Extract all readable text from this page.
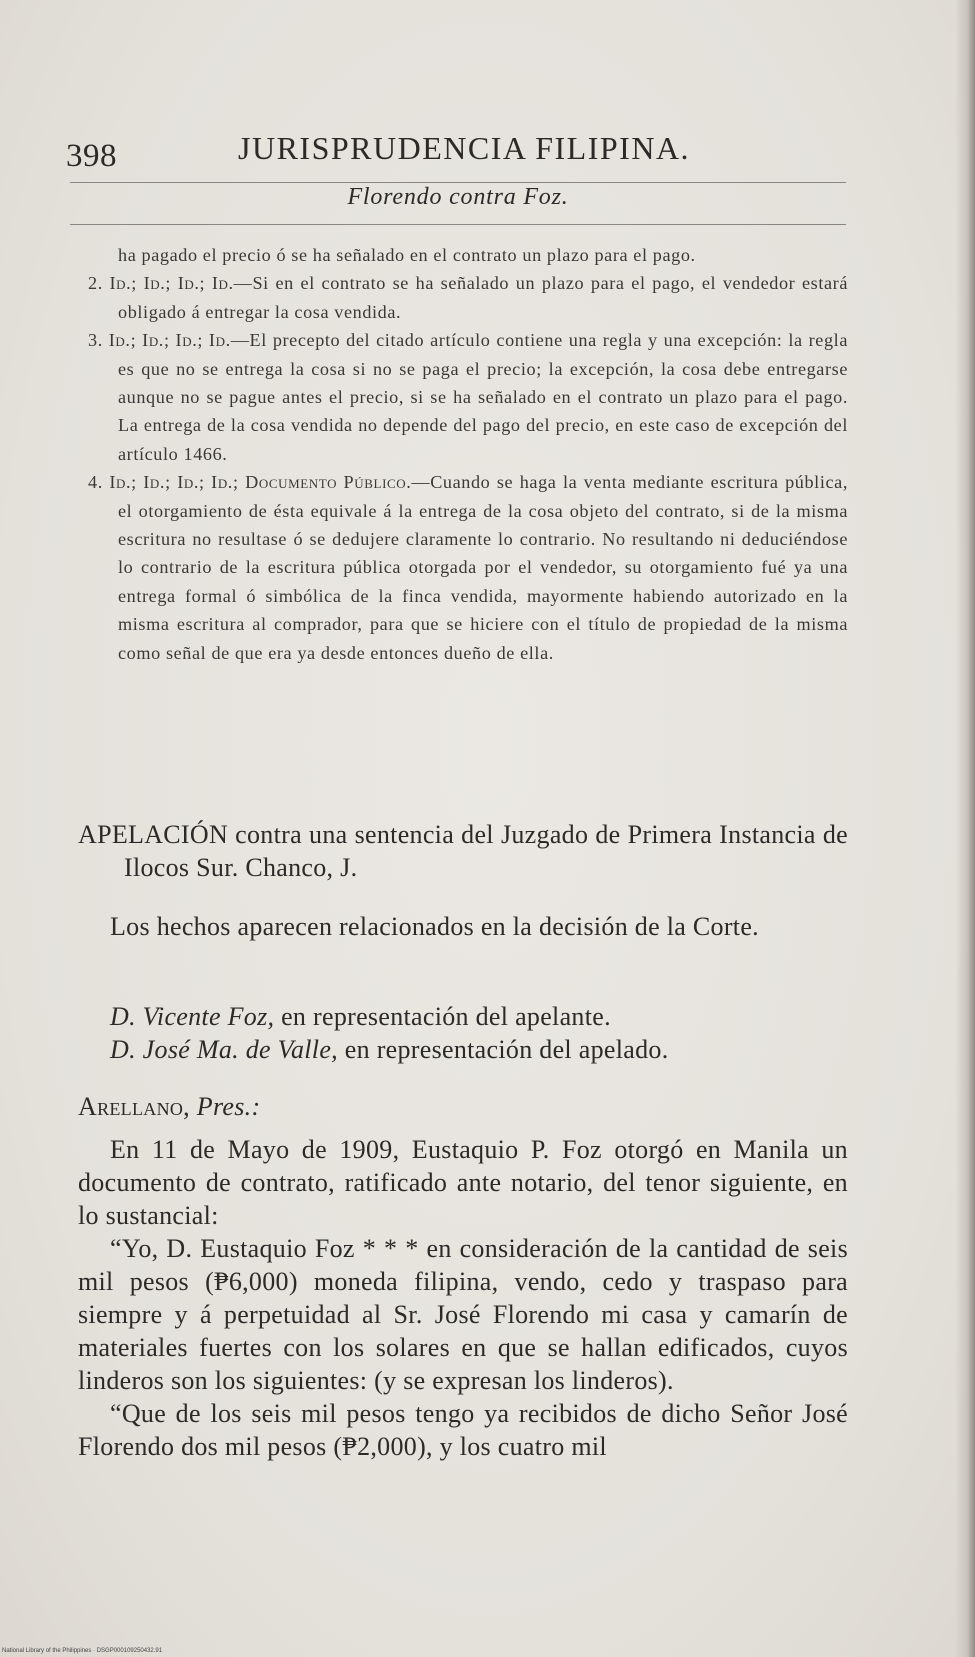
398	JURISPRUDENCIA FILIPINA.
Florendo contra Foz.

ha pagado el precio ó se ha señalado en el contrato un plazo para el pago.

2. Id.; Id.; Id.; Id.—Si en el contrato se ha señalado un plazo para el pago, el vendedor estará obligado á entregar la cosa vendida.

3. Id.; Id.; Id.; Id.—El precepto del citado artículo contiene una regla y una excepción: la regla es que no se entrega la cosa si no se paga el precio; la excepción, la cosa debe entregarse aunque no se pague antes el precio, si se ha señalado en el contrato un plazo para el pago. La entrega de la cosa vendida no depende del pago del precio, en este caso de excepción del artículo 1466.

4. Id.; Id.; Id.; Id.; Documento Público.—Cuando se haga la venta mediante escritura pública, el otorgamiento de ésta equivale á la entrega de la cosa objeto del contrato, si de la misma escritura no resultase ó se dedujere claramente lo contrario. No resultando ni deduciéndose lo contrario de la escritura pública otorgada por el vendedor, su otorgamiento fué ya una entrega formal ó simbólica de la finca vendida, mayormente habiendo autorizado en la misma escritura al comprador, para que se hiciere con el título de propiedad de la misma como señal de que era ya desde entonces dueño de ella.

APELACIÓN contra una sentencia del Juzgado de Primera Instancia de Ilocos Sur. Chanco, J.

Los hechos aparecen relacionados en la decisión de la Corte.

D. Vicente Foz, en representación del apelante.

D. José Ma. de Valle, en representación del apelado.

Arellano, Pres.:

En 11 de Mayo de 1909, Eustaquio P. Foz otorgó en Manila un documento de contrato, ratificado ante notario, del tenor siguiente, en lo sustancial:

“Yo, D. Eustaquio Foz * * * en consideración de la cantidad de seis mil pesos (₱6,000) moneda filipina, vendo, cedo y traspaso para siempre y á perpetuidad al Sr. José Florendo mi casa y camarín de materiales fuertes con los solares en que se hallan edificados, cuyos linderos son los siguientes: (y se expresan los linderos).

“Que de los seis mil pesos tengo ya recibidos de dicho Señor José Florendo dos mil pesos (₱2,000), y los cuatro mil

National Library of the Philippines · DSGP000109250432.91
